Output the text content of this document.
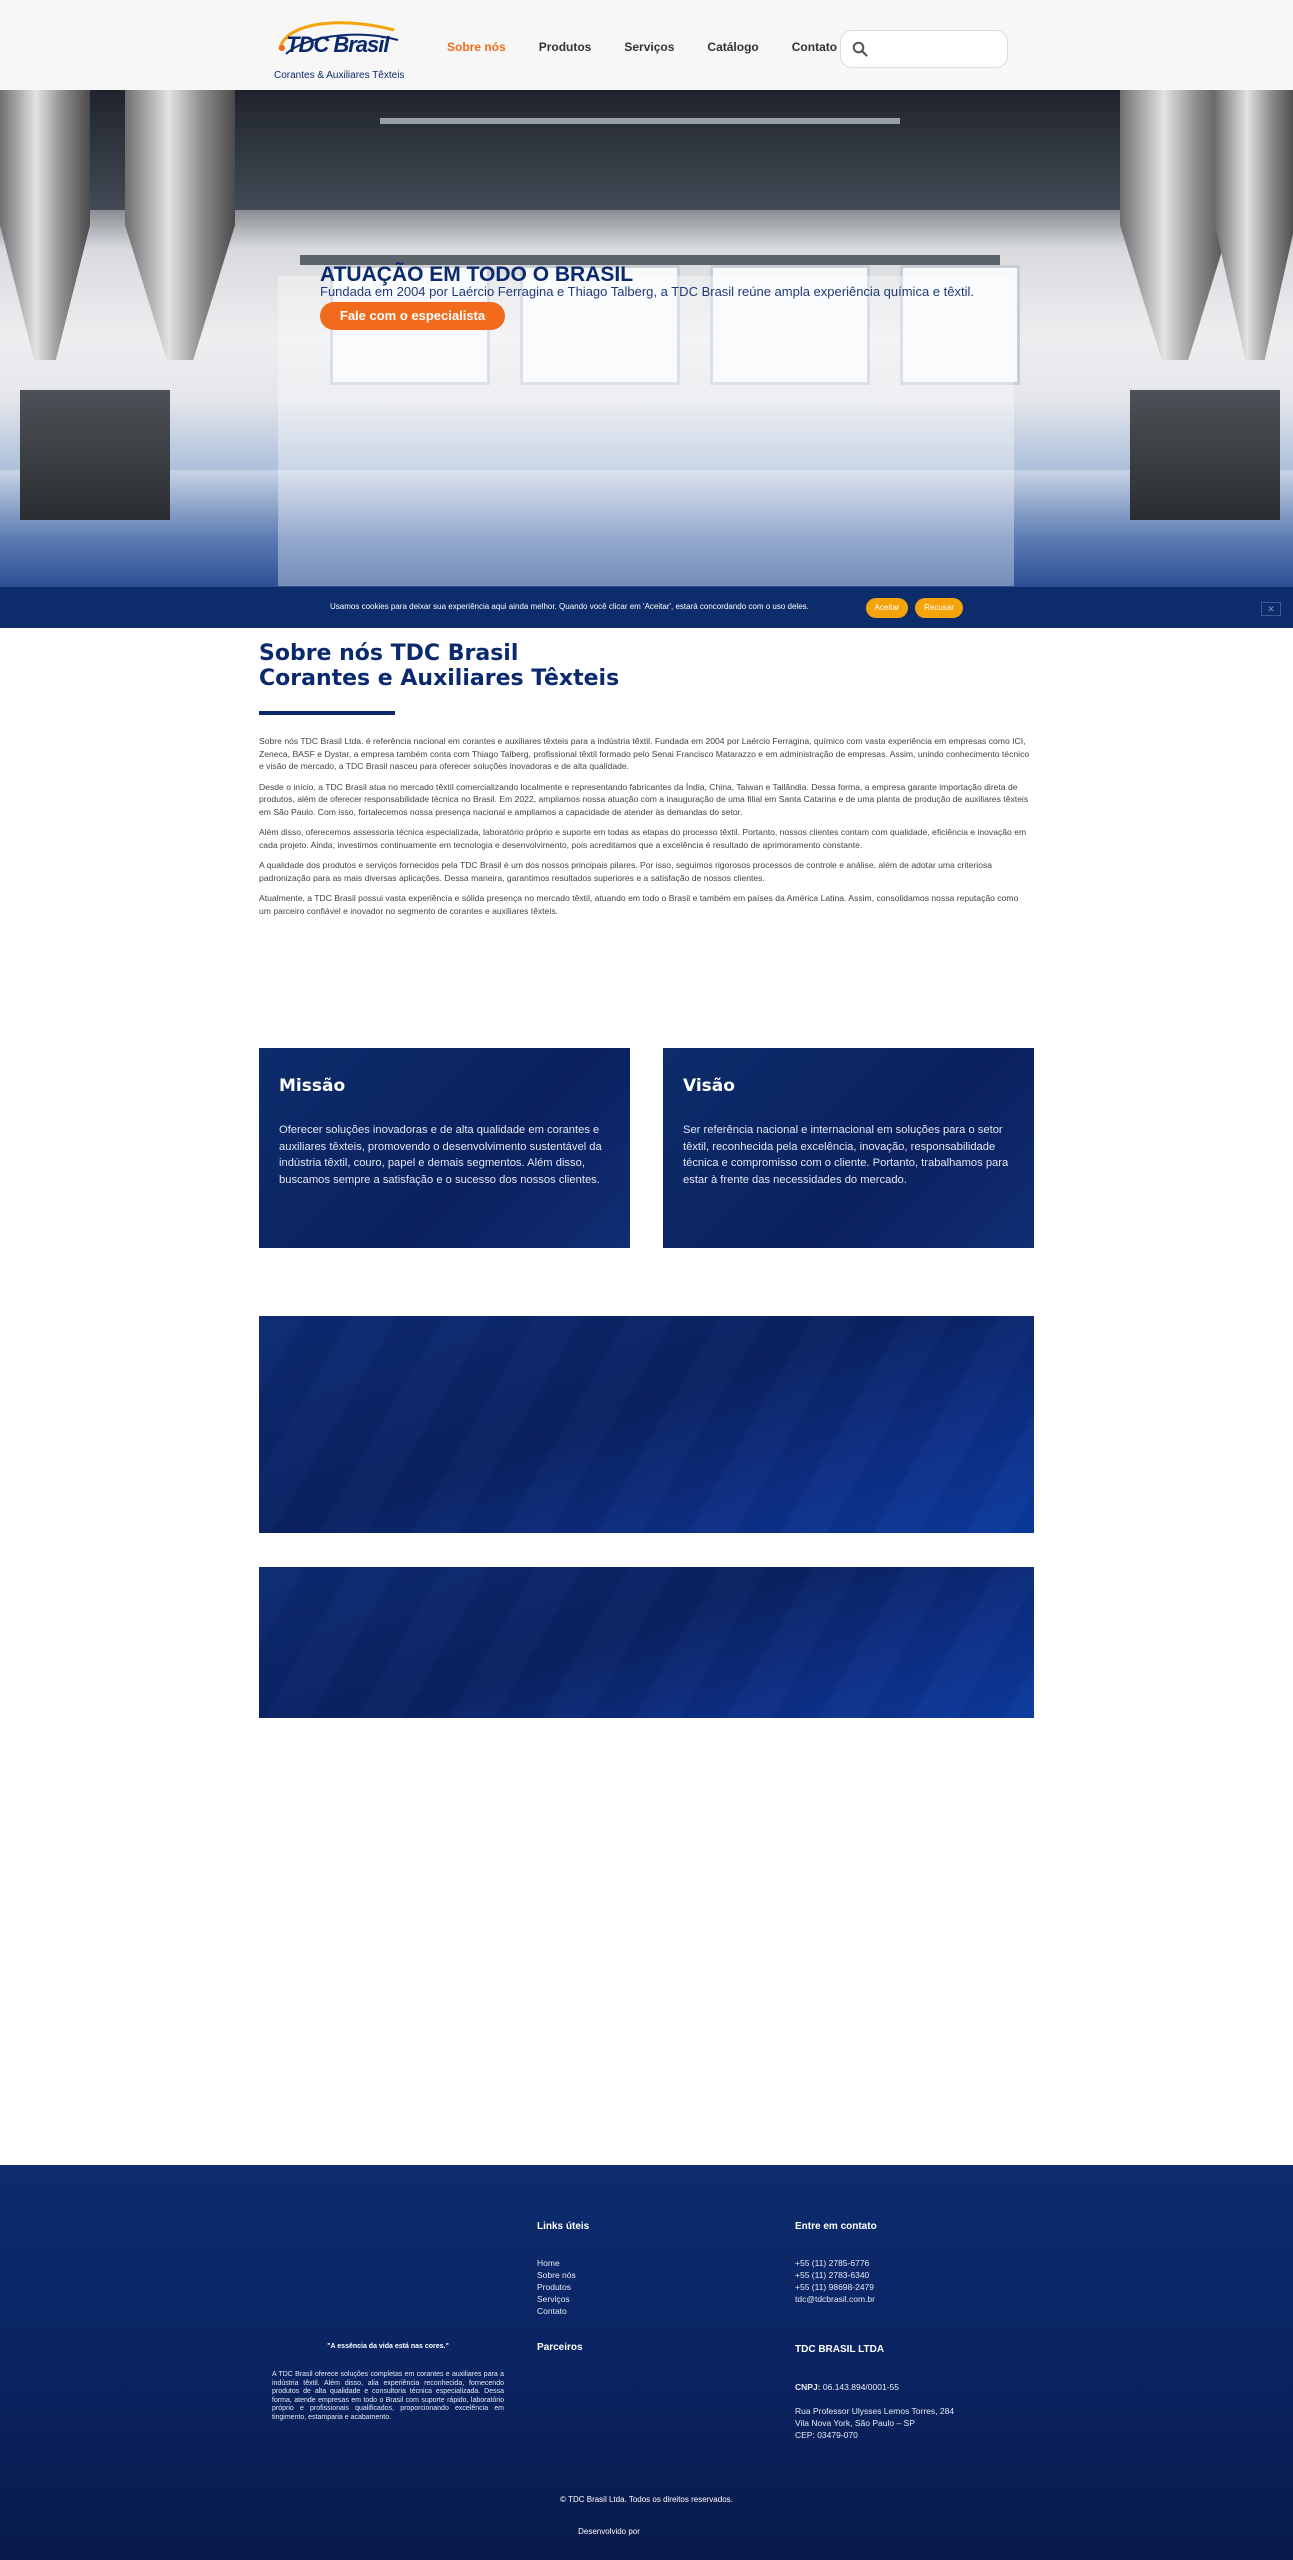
TDC Brasil
Corantes & Auxiliares Têxteis
Sobre nós	Produtos	Serviços	Catálogo	Contato
ATUAÇÃO EM TODO O BRASIL
Fundada em 2004 por Laércio Ferragina e Thiago Talberg, a TDC Brasil reúne ampla experiência química e têxtil.
Fale com o especialista
Usamos cookies para deixar sua experiência aqui ainda melhor. Quando você clicar em 'Aceitar', estará concordando com o uso deles.	Aceitar	Recusar	✕
Sobre nós TDC Brasil
Corantes e Auxiliares Têxteis

Sobre nós TDC Brasil Ltda. é referência nacional em corantes e auxiliares têxteis para a indústria têxtil. Fundada em 2004 por Laércio Ferragina, químico com vasta experiência em empresas como ICI, Zeneca, BASF e Dystar, a empresa também conta com Thiago Talberg, profissional têxtil formado pelo Senai Francisco Matarazzo e em administração de empresas. Assim, unindo conhecimento técnico e visão de mercado, a TDC Brasil nasceu para oferecer soluções inovadoras e de alta qualidade.

Desde o início, a TDC Brasil atua no mercado têxtil comercializando localmente e representando fabricantes da Índia, China, Taiwan e Tailândia. Dessa forma, a empresa garante importação direta de produtos, além de oferecer responsabilidade técnica no Brasil. Em 2022, ampliamos nossa atuação com a inauguração de uma filial em Santa Catarina e de uma planta de produção de auxiliares têxteis em São Paulo. Com isso, fortalecemos nossa presença nacional e ampliamos a capacidade de atender às demandas do setor.

Além disso, oferecemos assessoria técnica especializada, laboratório próprio e suporte em todas as etapas do processo têxtil. Portanto, nossos clientes contam com qualidade, eficiência e inovação em cada projeto. Ainda, investimos continuamente em tecnologia e desenvolvimento, pois acreditamos que a excelência é resultado de aprimoramento constante.

A qualidade dos produtos e serviços fornecidos pela TDC Brasil é um dos nossos principais pilares. Por isso, seguimos rigorosos processos de controle e análise, além de adotar uma criteriosa padronização para as mais diversas aplicações. Dessa maneira, garantimos resultados superiores e a satisfação de nossos clientes.

Atualmente, a TDC Brasil possui vasta experiência e sólida presença no mercado têxtil, atuando em todo o Brasil e também em países da América Latina. Assim, consolidamos nossa reputação como um parceiro confiável e inovador no segmento de corantes e auxiliares têxteis.

Missão

Oferecer soluções inovadoras e de alta qualidade em corantes e auxiliares têxteis, promovendo o desenvolvimento sustentável da indústria têxtil, couro, papel e demais segmentos. Além disso, buscamos sempre a satisfação e o sucesso dos nossos clientes.

Visão

Ser referência nacional e internacional em soluções para o setor têxtil, reconhecida pela excelência, inovação, responsabilidade técnica e compromisso com o cliente. Portanto, trabalhamos para estar à frente das necessidades do mercado.

Links úteis
Home
Sobre nós
Produtos
Serviços
Contato
Parceiros
Entre em contato
+55 (11) 2785-6776
+55 (11) 2783-6340
+55 (11) 98698-2479
tdc@tdcbrasil.com.br
TDC BRASIL LTDA
CNPJ: 06.143.894/0001-55
Rua Professor Ulysses Lemos Torres, 284
Vila Nova York, São Paulo – SP
CEP: 03479-070
"A essência da vida está nas cores."
A TDC Brasil oferece soluções completas em corantes e auxiliares para a indústria têxtil. Além disso, alia experiência reconhecida, fornecendo produtos de alta qualidade e consultoria técnica especializada. Dessa forma, atende empresas em todo o Brasil com suporte rápido, laboratório próprio e profissionais qualificados, proporcionando excelência em tingimento, estamparia e acabamento.
© TDC Brasil Ltda. Todos os direitos reservados.
Desenvolvido por
